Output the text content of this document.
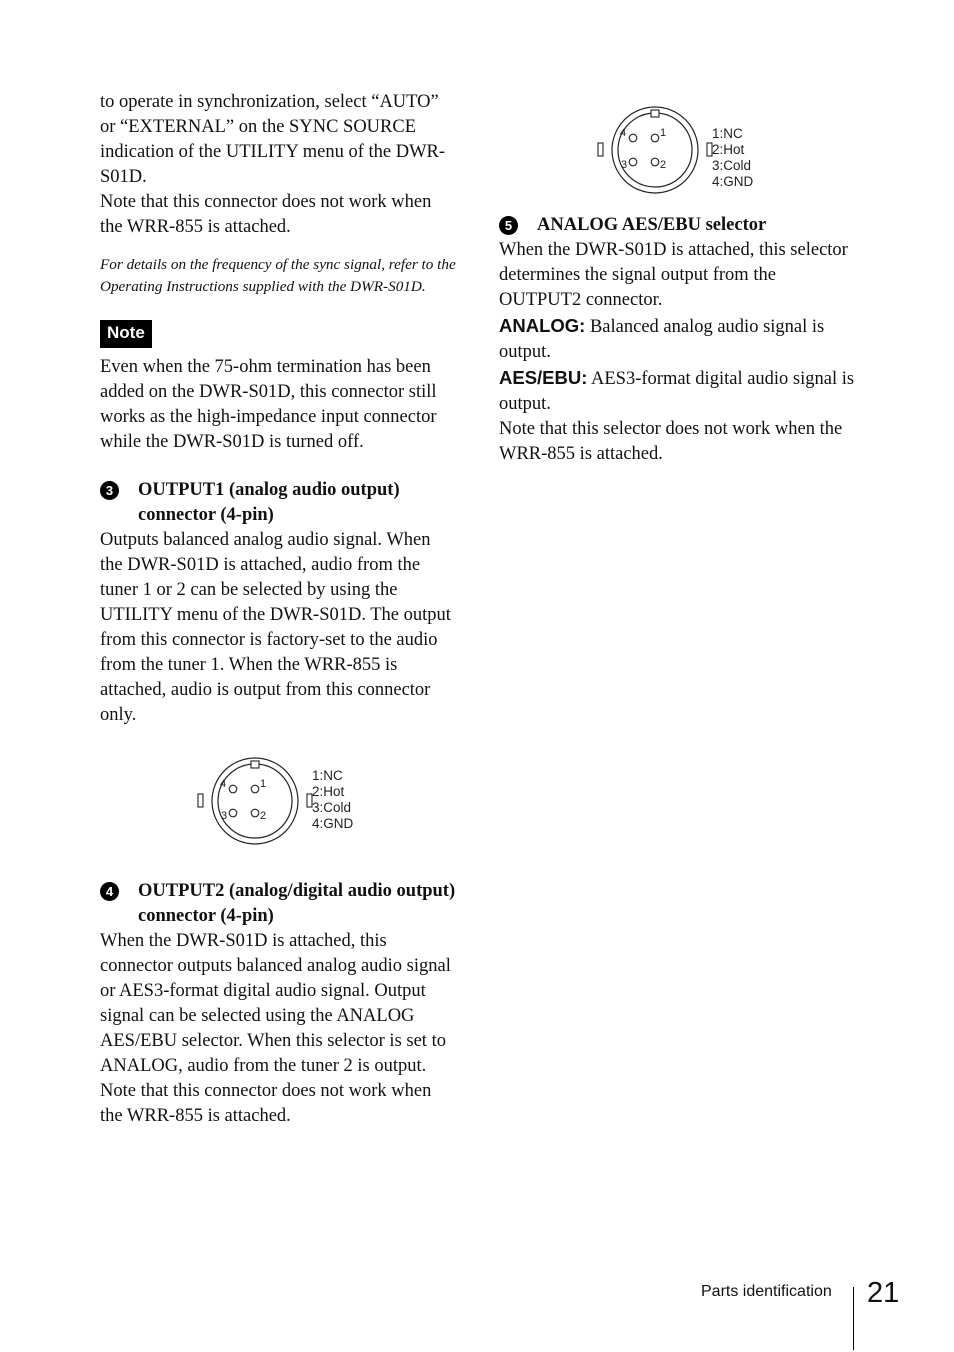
to operate in synchronization, select “AUTO” or “EXTERNAL” on the SYNC SOURCE indication of the UTILITY menu of the DWR-S01D.

Note that this connector does not work when the WRR-855 is attached.

For details on the frequency of the sync signal, refer to the Operating Instructions supplied with the DWR-S01D.

Note

Even when the 75-ohm termination has been added on the DWR-S01D, this connector still works as the high-impedance input connector while the DWR-S01D is turned off.

3	OUTPUT1 (analog audio output) connector (4-pin)

Outputs balanced analog audio signal. When the DWR-S01D is attached, audio from the tuner 1 or 2 can be selected by using the UTILITY menu of the DWR-S01D. The output from this connector is factory-set to the audio from the tuner 1. When the WRR-855 is attached, audio is output from this connector only.

4	1
3	2
1:NC
2:Hot
3:Cold
4:GND
4	OUTPUT2 (analog/digital audio output) connector (4-pin)

When the DWR-S01D is attached, this connector outputs balanced analog audio signal or AES3-format digital audio signal. Output signal can be selected using the ANALOG AES/EBU selector. When this selector is set to ANALOG, audio from the tuner 2 is output.

Note that this connector does not work when the WRR-855 is attached.

4	1
3	2
1:NC
2:Hot
3:Cold
4:GND
5	ANALOG AES/EBU selector

When the DWR-S01D is attached, this selector determines the signal output from the OUTPUT2 connector.

ANALOG: Balanced analog audio signal is output.

AES/EBU: AES3-format digital audio signal is output.

Note that this selector does not work when the WRR-855 is attached.

Parts identification 21
